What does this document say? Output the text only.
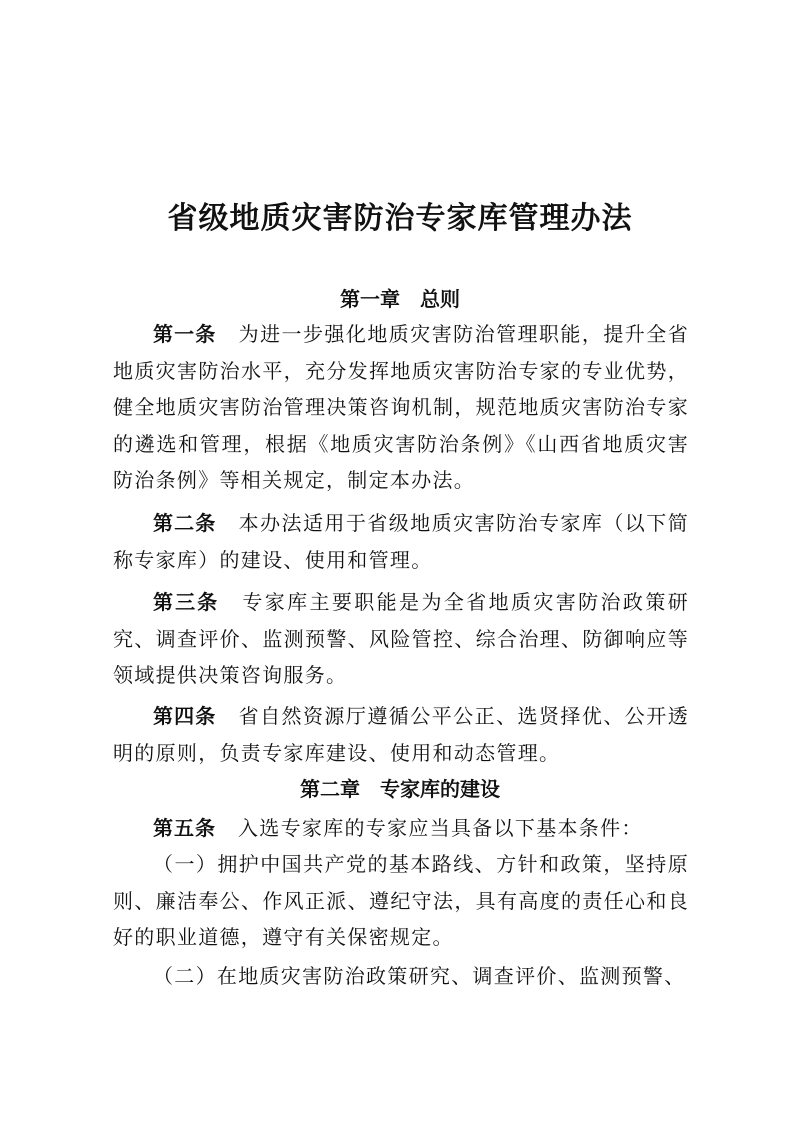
省级地质灾害防治专家库管理办法
第一章 总则
第一条 为进一步强化地质灾害防治管理职能，提升全省地质灾害防治水平，充分发挥地质灾害防治专家的专业优势，健全地质灾害防治管理决策咨询机制，规范地质灾害防治专家的遴选和管理，根据《地质灾害防治条例》《山西省地质灾害防治条例》等相关规定，制定本办法。
第二条 本办法适用于省级地质灾害防治专家库（以下简称专家库）的建设、使用和管理。
第三条 专家库主要职能是为全省地质灾害防治政策研究、调查评价、监测预警、风险管控、综合治理、防御响应等领域提供决策咨询服务。
第四条 省自然资源厅遵循公平公正、选贤择优、公开透明的原则，负责专家库建设、使用和动态管理。
第二章 专家库的建设
第五条 入选专家库的专家应当具备以下基本条件：
（一）拥护中国共产党的基本路线、方针和政策，坚持原则、廉洁奉公、作风正派、遵纪守法，具有高度的责任心和良好的职业道德，遵守有关保密规定。
（二）在地质灾害防治政策研究、调查评价、监测预警、
